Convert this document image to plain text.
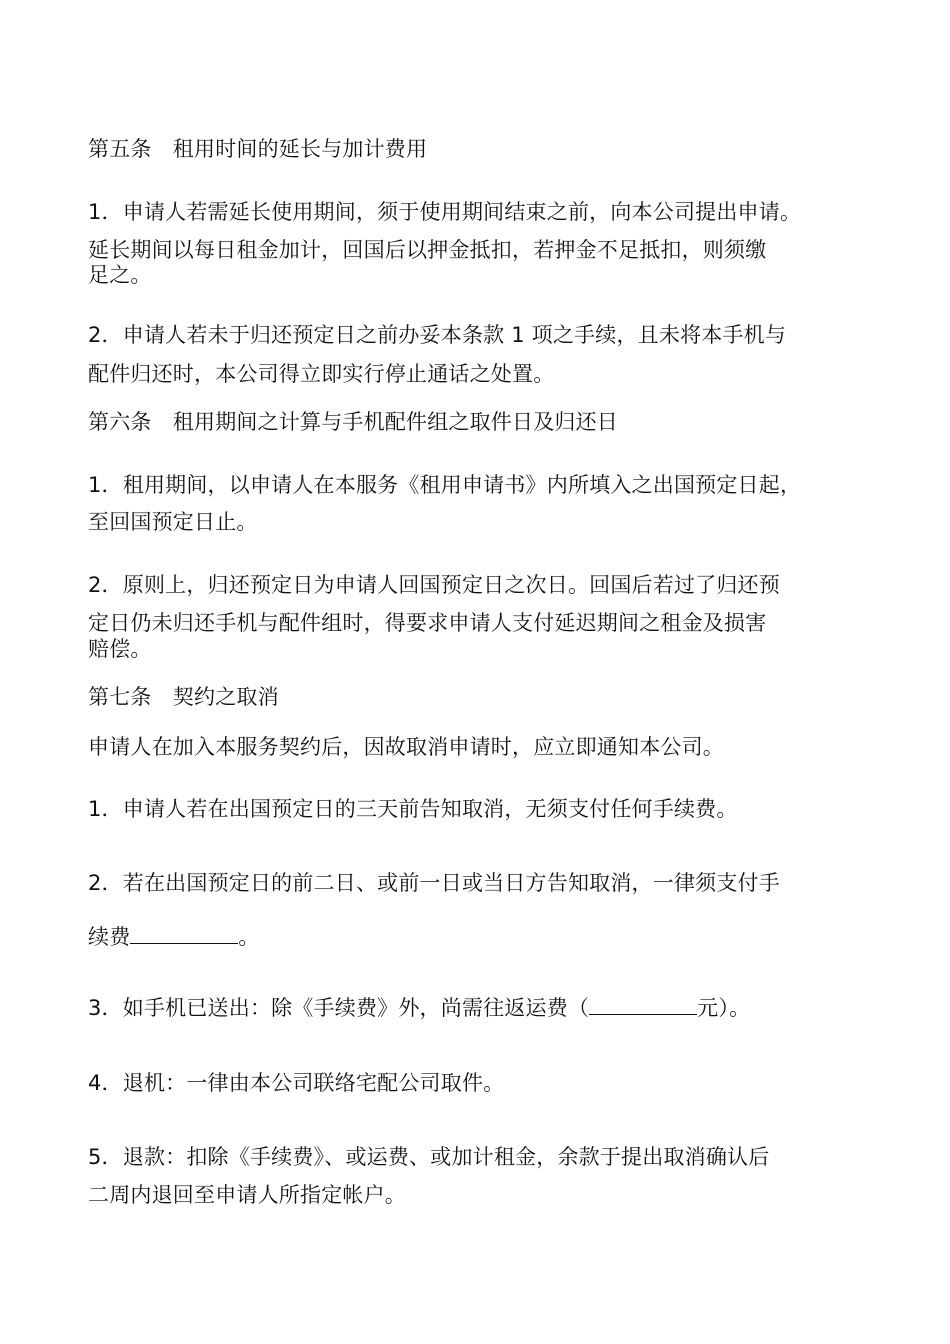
第五条　租用时间的延长与加计费用
1．申请人若需延长使用期间，须于使用期间结束之前，向本公司提出申请。
延长期间以每日租金加计，回国后以押金抵扣，若押金不足抵扣，则须缴
足之。
2．申请人若未于归还预定日之前办妥本条款 1 项之手续，且未将本手机与
配件归还时，本公司得立即实行停止通话之处置。
第六条　租用期间之计算与手机配件组之取件日及归还日
1．租用期间，以申请人在本服务《租用申请书》内所填入之出国预定日起，
至回国预定日止。
2．原则上，归还预定日为申请人回国预定日之次日。回国后若过了归还预
定日仍未归还手机与配件组时，得要求申请人支付延迟期间之租金及损害
赔偿。
第七条　契约之取消
申请人在加入本服务契约后，因故取消申请时，应立即通知本公司。
1．申请人若在出国预定日的三天前告知取消，无须支付任何手续费。
2．若在出国预定日的前二日、或前一日或当日方告知取消，一律须支付手
续费	。
3．如手机已送出：除《手续费》外，尚需往返运费（	元）。
4．退机：一律由本公司联络宅配公司取件。
5．退款：扣除《手续费》、或运费、或加计租金，余款于提出取消确认后
二周内退回至申请人所指定帐户。
